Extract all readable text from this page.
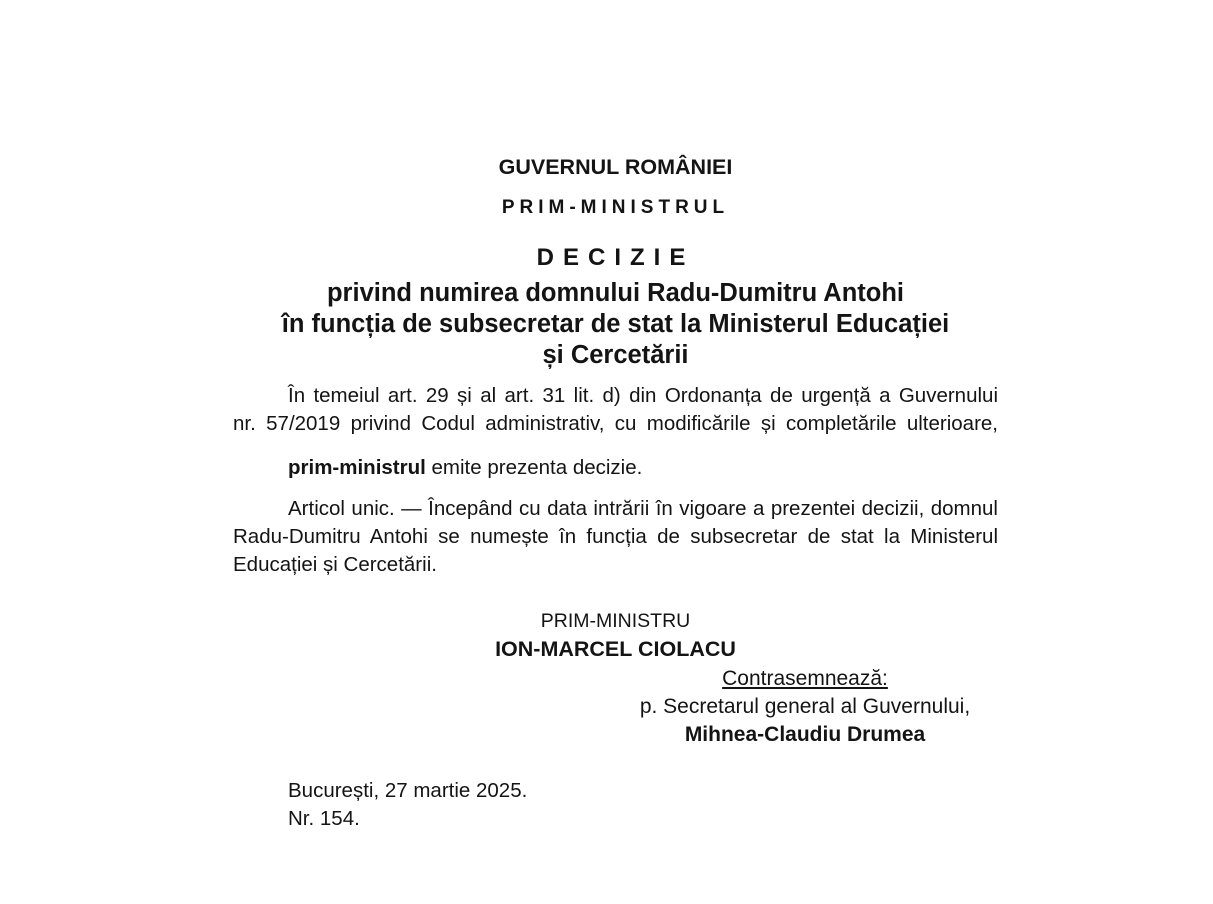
GUVERNUL ROMÂNIEI
PRIM-MINISTRUL
DECIZIE
privind numirea domnului Radu-Dumitru Antohi
în funcția de subsecretar de stat la Ministerul Educației
și Cercetării
În temeiul art. 29 și al art. 31 lit. d) din Ordonanța de urgență a Guvernului
nr. 57/2019 privind Codul administrativ, cu modificările și completările ulterioare,
prim-ministrul emite prezenta decizie.
Articol unic. — Începând cu data intrării în vigoare a prezentei decizii, domnul
Radu-Dumitru Antohi se numește în funcția de subsecretar de stat la Ministerul
Educației și Cercetării.
PRIM-MINISTRU
ION-MARCEL CIOLACU
Contrasemnează:
p. Secretarul general al Guvernului,
Mihnea-Claudiu Drumea
București, 27 martie 2025.
Nr. 154.
